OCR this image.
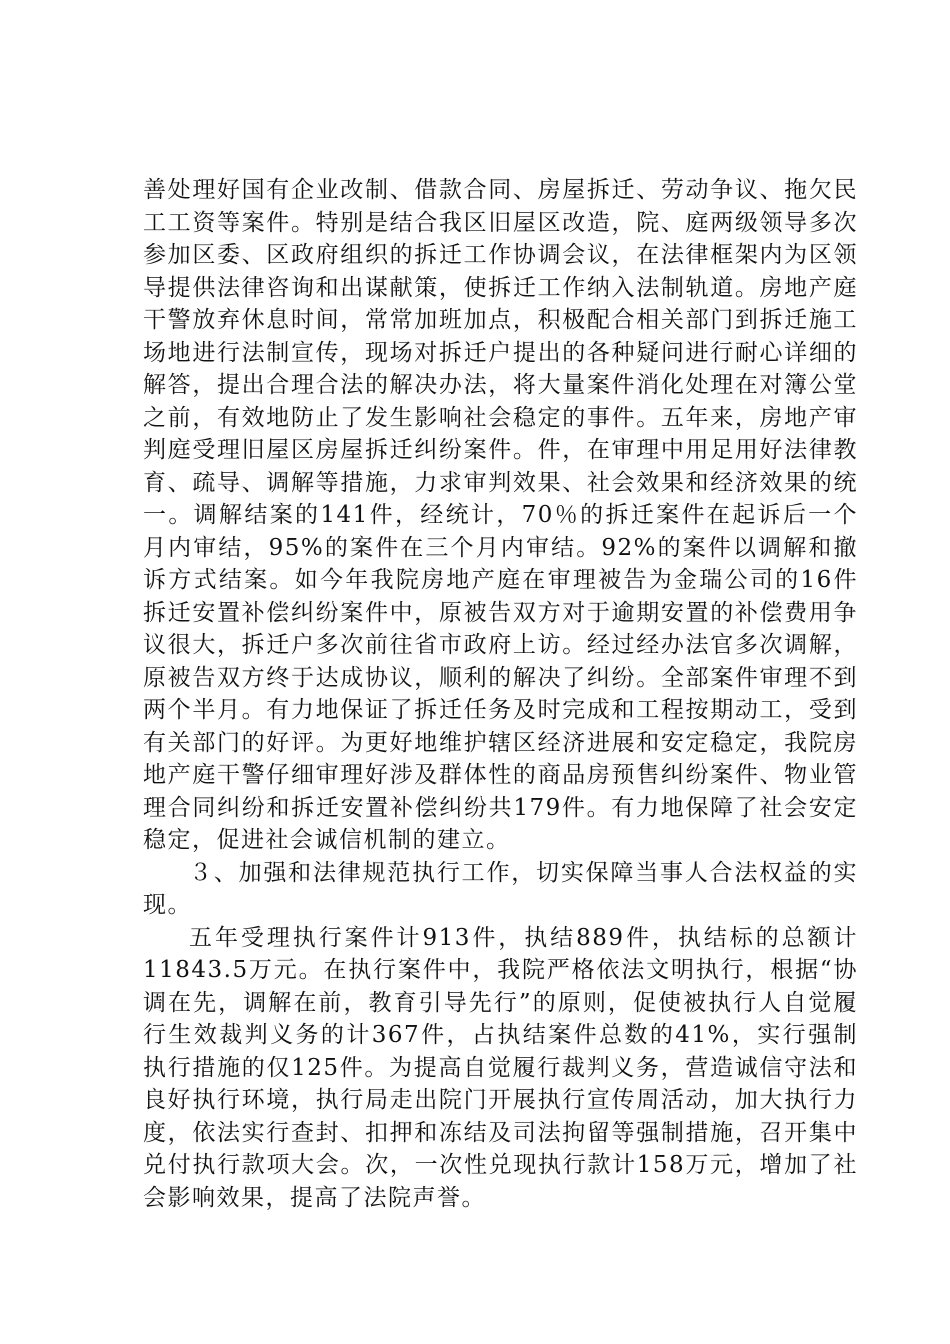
善处理好国有企业改制、借款合同、房屋拆迁、劳动争议、拖欠民工工资等案件。特别是结合我区旧屋区改造，院、庭两级领导多次参加区委、区政府组织的拆迁工作协调会议，在法律框架内为区领导提供法律咨询和出谋献策，使拆迁工作纳入法制轨道。房地产庭干警放弃休息时间，常常加班加点，积极配合相关部门到拆迁施工场地进行法制宣传，现场对拆迁户提出的各种疑问进行耐心详细的解答，提出合理合法的解决办法，将大量案件消化处理在对簿公堂之前，有效地防止了发生影响社会稳定的事件。五年来，房地产审判庭受理旧屋区房屋拆迁纠纷案件。件，在审理中用足用好法律教育、疏导、调解等措施，力求审判效果、社会效果和经济效果的统一。调解结案的141件，经统计，70％的拆迁案件在起诉后一个月内审结，95%的案件在三个月内审结。92%的案件以调解和撤诉方式结案。如今年我院房地产庭在审理被告为金瑞公司的16件拆迁安置补偿纠纷案件中，原被告双方对于逾期安置的补偿费用争议很大，拆迁户多次前往省市政府上访。经过经办法官多次调解，原被告双方终于达成协议，顺利的解决了纠纷。全部案件审理不到两个半月。有力地保证了拆迁任务及时完成和工程按期动工，受到有关部门的好评。为更好地维护辖区经济进展和安定稳定，我院房地产庭干警仔细审理好涉及群体性的商品房预售纠纷案件、物业管理合同纠纷和拆迁安置补偿纠纷共179件。有力地保障了社会安定稳定，促进社会诚信机制的建立。

３、加强和法律规范执行工作，切实保障当事人合法权益的实现。

五年受理执行案件计913件，执结889件，执结标的总额计11843.5万元。在执行案件中，我院严格依法文明执行，根据“协调在先，调解在前，教育引导先行”的原则，促使被执行人自觉履行生效裁判义务的计367件，占执结案件总数的41%，实行强制执行措施的仅125件。为提高自觉履行裁判义务，营造诚信守法和良好执行环境，执行局走出院门开展执行宣传周活动，加大执行力度，依法实行查封、扣押和冻结及司法拘留等强制措施，召开集中兑付执行款项大会。次，一次性兑现执行款计158万元，增加了社会影响效果，提高了法院声誉。
